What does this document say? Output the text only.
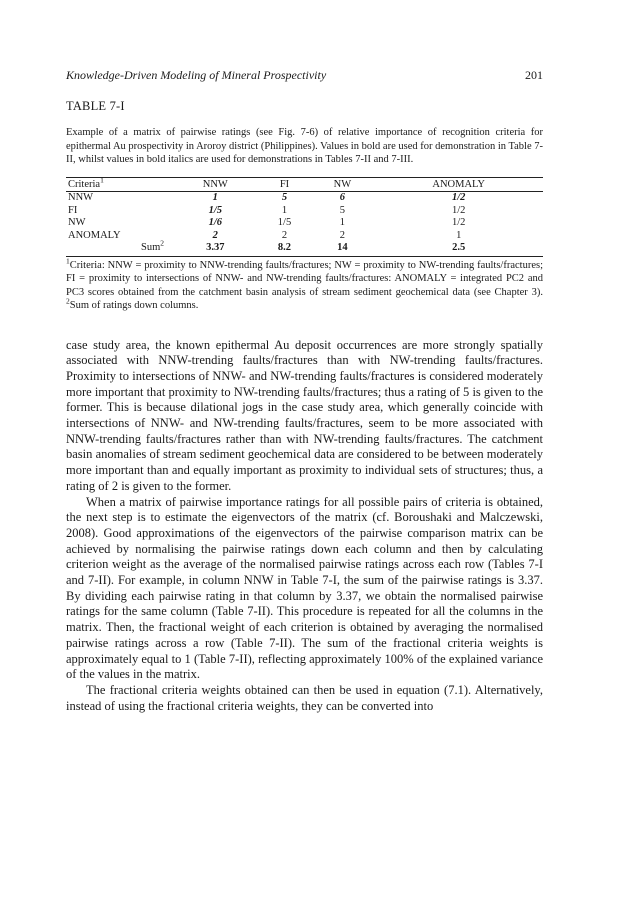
Knowledge-Driven Modeling of Mineral Prospectivity	201
TABLE 7-I
Example of a matrix of pairwise ratings (see Fig. 7-6) of relative importance of recognition criteria for epithermal Au prospectivity in Aroroy district (Philippines). Values in bold are used for demonstration in Table 7-II, whilst values in bold italics are used for demonstrations in Tables 7-II and 7-III.
Criteria$^1$	NNW	FI	NW	ANOMALY
NNW	1	5	6	1/2
FI	1/5	1	5	1/2
NW	1/6	1/5	1	1/2
ANOMALY	2	2	2	1
Sum$^2$	3.37	8.2	14	2.5
$^1$Criteria: NNW = proximity to NNW-trending faults/fractures; NW = proximity to NW-trending faults/fractures; FI = proximity to intersections of NNW- and NW-trending faults/fractures: ANOMALY = integrated PC2 and PC3 scores obtained from the catchment basin analysis of stream sediment geochemical data (see Chapter 3). $^2$Sum of ratings down columns.

case study area, the known epithermal Au deposit occurrences are more strongly spatially associated with NNW-trending faults/fractures than with NW-trending faults/fractures. Proximity to intersections of NNW- and NW-trending faults/fractures is considered moderately more important that proximity to NW-trending faults/fractures; thus a rating of 5 is given to the former. This is because dilational jogs in the case study area, which generally coincide with intersections of NNW- and NW-trending faults/fractures, seem to be more associated with NNW-trending faults/fractures rather than with NW-trending faults/fractures. The catchment basin anomalies of stream sediment geochemical data are considered to be between moderately more important than and equally important as proximity to individual sets of structures; thus, a rating of 2 is given to the former.

When a matrix of pairwise importance ratings for all possible pairs of criteria is obtained, the next step is to estimate the eigenvectors of the matrix (cf. Boroushaki and Malczewski, 2008). Good approximations of the eigenvectors of the pairwise comparison matrix can be achieved by normalising the pairwise ratings down each column and then by calculating criterion weight as the average of the normalised pairwise ratings across each row (Tables 7-I and 7-II). For example, in column NNW in Table 7-I, the sum of the pairwise ratings is 3.37. By dividing each pairwise rating in that column by 3.37, we obtain the normalised pairwise ratings for the same column (Table 7-II). This procedure is repeated for all the columns in the matrix. Then, the fractional weight of each criterion is obtained by averaging the normalised pairwise ratings across a row (Table 7-II). The sum of the fractional criteria weights is approximately equal to 1 (Table 7-II), reflecting approximately 100% of the explained variance of the values in the matrix.

The fractional criteria weights obtained can then be used in equation (7.1). Alternatively, instead of using the fractional criteria weights, they can be converted into
